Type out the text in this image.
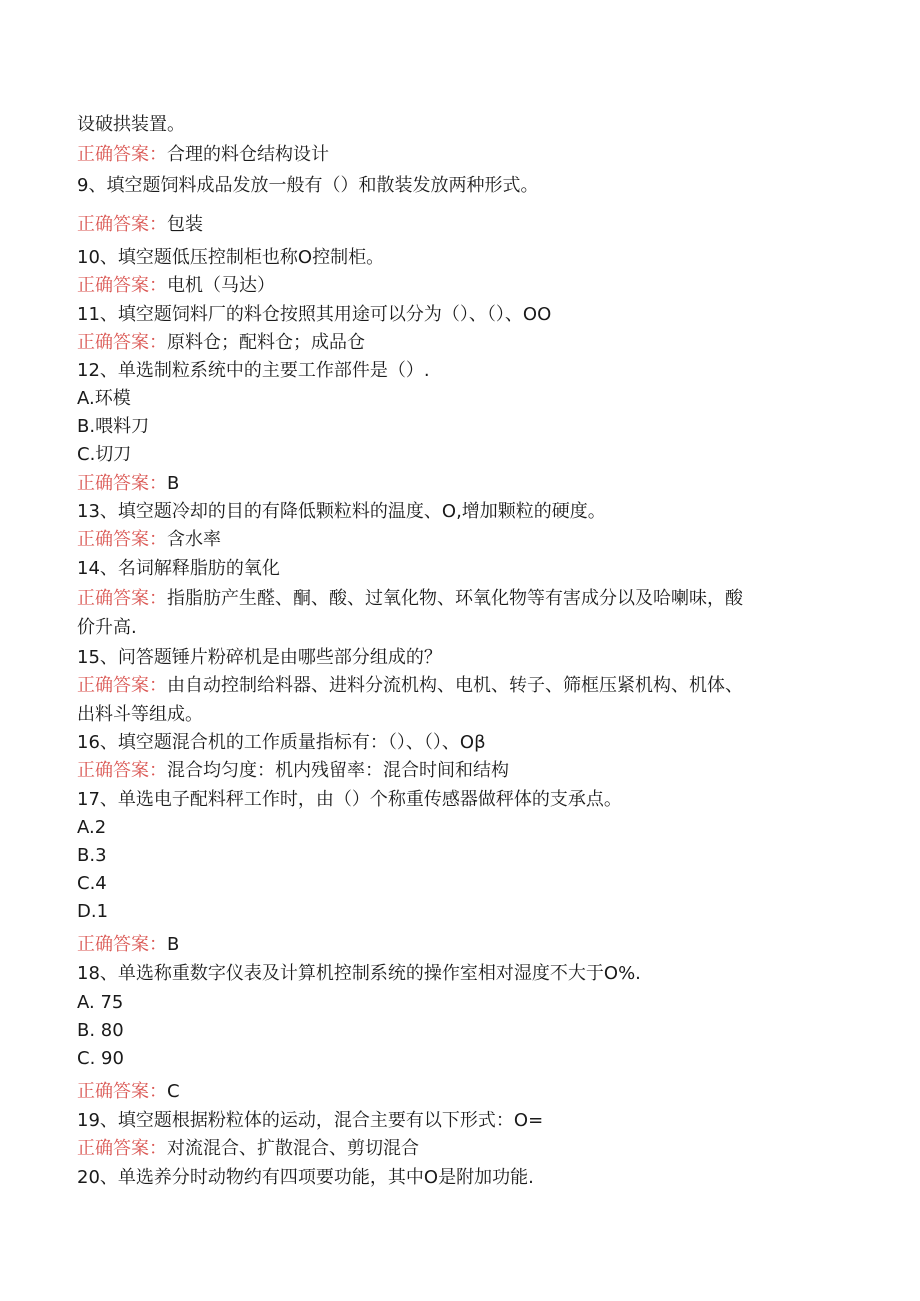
设破拱装置。
正确答案：合理的料仓结构设计
9、填空题饲料成品发放一般有（）和散装发放两种形式。
正确答案：包装
10、填空题低压控制柜也称O控制柜。
正确答案：电机（马达）
11、填空题饲料厂的料仓按照其用途可以分为（）、（）、OO
正确答案：原料仓；配料仓；成品仓
12、单选制粒系统中的主要工作部件是（）.
A.环模
B.喂料刀
C.切刀
正确答案：B
13、填空题冷却的目的有降低颗粒料的温度、O,增加颗粒的硬度。
正确答案：含水率
14、名词解释脂肪的氧化
正确答案：指脂肪产生醛、酮、酸、过氧化物、环氧化物等有害成分以及哈喇味，酸
价升高.
15、问答题锤片粉碎机是由哪些部分组成的？
正确答案：由自动控制给料器、进料分流机构、电机、转子、筛框压紧机构、机体、
出料斗等组成。
16、填空题混合机的工作质量指标有：（）、（）、Oβ
正确答案：混合均匀度：机内残留率：混合时间和结构
17、单选电子配料秤工作时，由（）个称重传感器做秤体的支承点。
A.2
B.3
C.4
D.1
正确答案：B
18、单选称重数字仪表及计算机控制系统的操作室相对湿度不大于O%.
A. 75
B. 80
C. 90
正确答案：C
19、填空题根据粉粒体的运动，混合主要有以下形式：O=
正确答案：对流混合、扩散混合、剪切混合
20、单选养分时动物约有四项要功能，其中O是附加功能.
